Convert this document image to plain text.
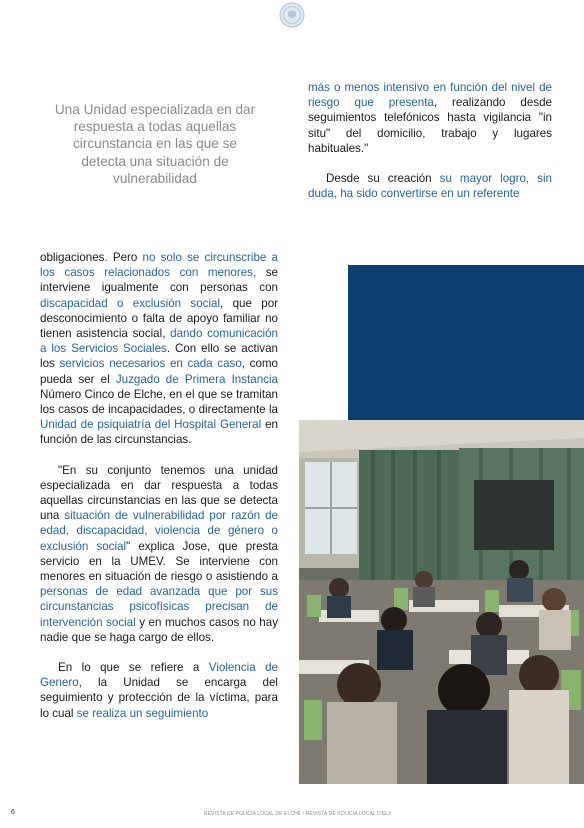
Una Unidad especializada en dar respuesta a todas aquellas circunstancia en las que se detecta una situación de vulnerabilidad

más o menos intensivo en función del nivel de riesgo que presenta, realizando desde seguimientos telefónicos hasta vigilancia "in situ" del domicilio, trabajo y lugares habituales."

Desde su creación su mayor logro, sin duda, ha sido convertirse en un referente

obligaciones. Pero no solo se circunscribe a los casos relacionados con menores, se interviene igualmente con personas con discapacidad o exclusión social, que por desconocimiento o falta de apoyo familiar no tienen asistencia social, dando comunicación a los Servicios Sociales. Con ello se activan los servicios necesarios en cada caso, como pueda ser el Juzgado de Primera Instancia Número Cinco de Elche, en el que se tramitan los casos de incapacidades, o directamente la Unidad de psiquiatría del Hospital General en función de las circunstancias.

"En su conjunto tenemos una unidad especializada en dar respuesta a todas aquellas circunstancias en las que se detecta una situación de vulnerabilidad por razón de edad, discapacidad, violencia de género o exclusión social" explica Jose, que presta servicio en la UMEV. Se interviene con menores en situación de riesgo o asistiendo a personas de edad avanzada que por sus circunstancias psicofísicas precisan de intervención social y en muchos casos no hay nadie que se haga cargo de ellos.

En lo que se refiere a Violencia de Genero, la Unidad se encarga del seguimiento y protección de la víctima, para lo cual se realiza un seguimiento

6	REVISTA DE POLICÍA LOCAL DE ELCHE / REVISTA DE POLICIA LOCAL D'ELX
